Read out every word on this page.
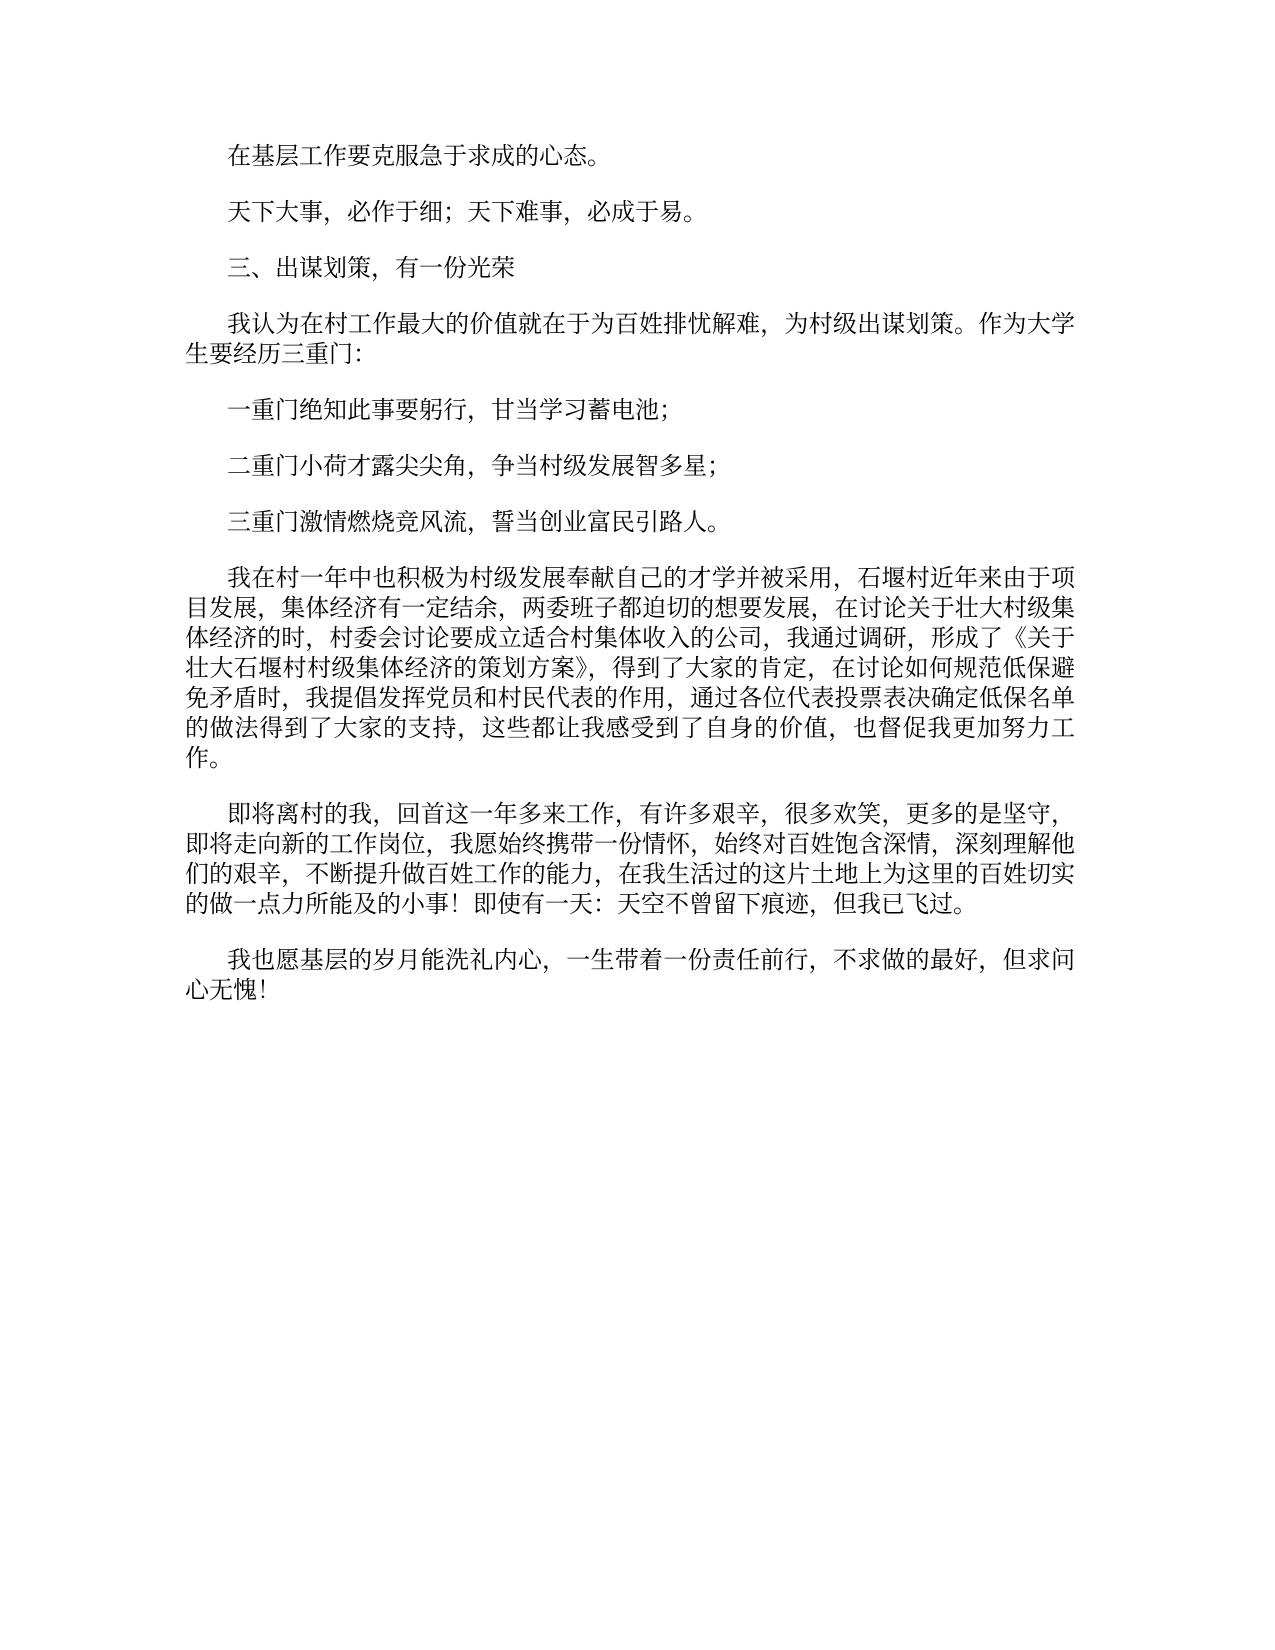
在基层工作要克服急于求成的心态。

天下大事，必作于细；天下难事，必成于易。

三、出谋划策，有一份光荣

我认为在村工作最大的价值就在于为百姓排忧解难，为村级出谋划策。作为大学生要经历三重门：

一重门绝知此事要躬行，甘当学习蓄电池；

二重门小荷才露尖尖角，争当村级发展智多星；

三重门激情燃烧竞风流，誓当创业富民引路人。

我在村一年中也积极为村级发展奉献自己的才学并被采用，石堰村近年来由于项目发展，集体经济有一定结余，两委班子都迫切的想要发展，在讨论关于壮大村级集体经济的时，村委会讨论要成立适合村集体收入的公司，我通过调研，形成了《关于壮大石堰村村级集体经济的策划方案》，得到了大家的肯定，在讨论如何规范低保避免矛盾时，我提倡发挥党员和村民代表的作用，通过各位代表投票表决确定低保名单的做法得到了大家的支持，这些都让我感受到了自身的价值，也督促我更加努力工作。

即将离村的我，回首这一年多来工作，有许多艰辛，很多欢笑，更多的是坚守，即将走向新的工作岗位，我愿始终携带一份情怀，始终对百姓饱含深情，深刻理解他们的艰辛，不断提升做百姓工作的能力，在我生活过的这片土地上为这里的百姓切实的做一点力所能及的小事！即使有一天：天空不曾留下痕迹，但我已飞过。

我也愿基层的岁月能洗礼内心，一生带着一份责任前行，不求做的最好，但求问心无愧！
